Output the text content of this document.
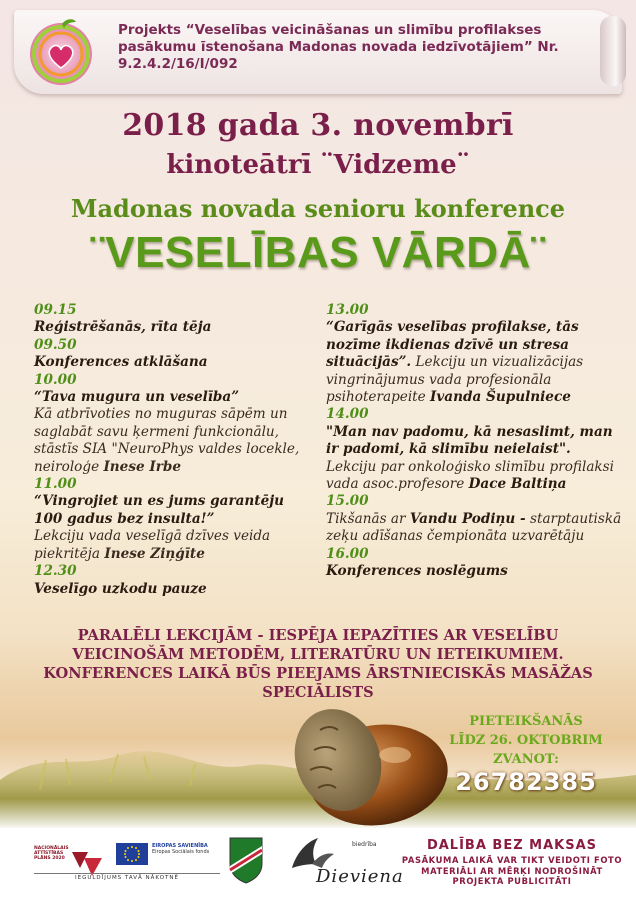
Projekts “Veselības veicināšanas un slimību profilakses pasākumu īstenošana Madonas novada iedzīvotājiem” Nr. 9.2.4.2/16/I/092
2018 gada 3. novembrī
kinoteātrī ¨Vidzeme¨
Madonas novada senioru konference
¨VESELĪBAS VĀRDĀ¨
09.15
Reģistrēšanās, rīta tēja
09.50
Konferences atklāšana
10.00
“Tava mugura un veselība”
Kā atbrīvoties no muguras sāpēm un saglabāt savu ķermeni funkcionālu, stāstīs SIA "NeuroPhys valdes locekle, neiroloģe Inese Irbe
11.00
“Vingrojiet un es jums garantēju 100 gadus bez insulta!”
Lekciju vada veselīgā dzīves veida piekritēja Inese Ziņģīte
12.30
Veselīgo uzkodu pauze
13.00
“Garīgās veselības profilakse, tās nozīme ikdienas dzīvē un stresa situācijās”. Lekciju un vizualizācijas vingrinājumus vada profesionāla psihoterapeite Ivanda Šupulniece
14.00
"Man nav padomu, kā nesaslimt, man ir padomi, kā slimību neielaist". Lekciju par onkoloģisko slimību profilaksi vada asoc.profesore Dace Baltiņa
15.00
Tikšanās ar Vandu Podiņu - starptautiskā zeķu adīšanas čempionāta uzvarētāju
16.00
Konferences noslēgums
PARALĒLI LEKCIJĀM - IESPĒJA IEPAZĪTIES AR VESELĪBU VEICINOŠĀM METODĒM, LITERATŪRU UN IETEIKUMIEM. KONFERENCES LAIKĀ BŪS PIEEJAMS ĀRSTNIECISKĀS MASĀŽAS SPECIĀLISTS
PIETEIKŠANĀS
LĪDZ 26. OKTOBRIM
ZVANOT:
26782385
NACIONĀLAIS ATTĪSTĪBAS PLĀNS 2020
EIROPAS SAVIENĪBA
Eiropas Sociālais fonds
IEGULDĪJUMS TAVĀ NĀKOTNĒ
biedrība
Dieviena
DALĪBA BEZ MAKSAS
PASĀKUMA LAIKĀ VAR TIKT VEIDOTI FOTO MATERIĀLI AR MĒRĶI NODROŠINĀT PROJEKTA PUBLICITĀTI
